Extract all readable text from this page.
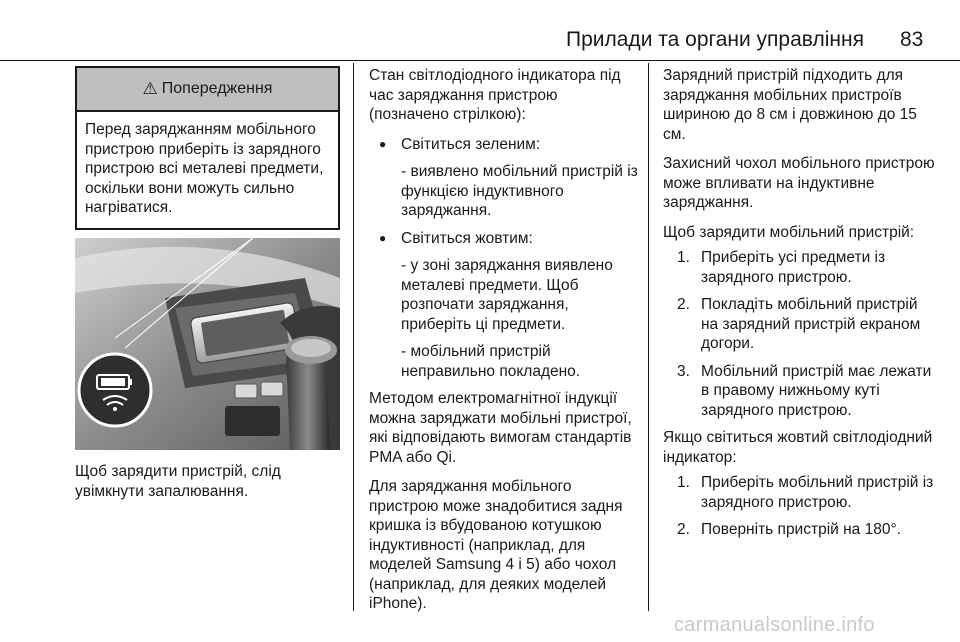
Прилади та органи управління 83
⚠ Попередження
Перед заряджанням мобільного пристрою приберіть із зарядного пристрою всі металеві предмети, оскільки вони можуть сильно нагріватися.
Щоб зарядити пристрій, слід увімкнути запалювання.

Стан світлодіодного індикатора під час заряджання пристрою (позначено стрілкою):

● Світиться зеленим:
- виявлено мобільний пристрій із функцією індуктивного заряджання.
● Світиться жовтим:
- у зоні заряджання виявлено металеві предмети. Щоб розпочати заряджання, приберіть ці предмети.
- мобільний пристрій неправильно покладено.

Методом електромагнітної індукції можна заряджати мобільні пристрої, які відповідають вимогам стандартів PMA або Qi.

Для заряджання мобільного пристрою може знадобитися задня кришка із вбудованою котушкою індуктивності (наприклад, для моделей Samsung 4 і 5) або чохол (наприклад, для деяких моделей iPhone).

Зарядний пристрій підходить для заряджання мобільних пристроїв шириною до 8 см і довжиною до 15 см.

Захисний чохол мобільного пристрою може впливати на індуктивне заряджання.

Щоб зарядити мобільний пристрій:

1. Приберіть усі предмети із зарядного пристрою.
2. Покладіть мобільний пристрій на зарядний пристрій екраном догори.
3. Мобільний пристрій має лежати в правому нижньому куті зарядного пристрою.

Якщо світиться жовтий світлодіодний індикатор:

1. Приберіть мобільний пристрій із зарядного пристрою.
2. Поверніть пристрій на 180°.
carmanualsonline.info
